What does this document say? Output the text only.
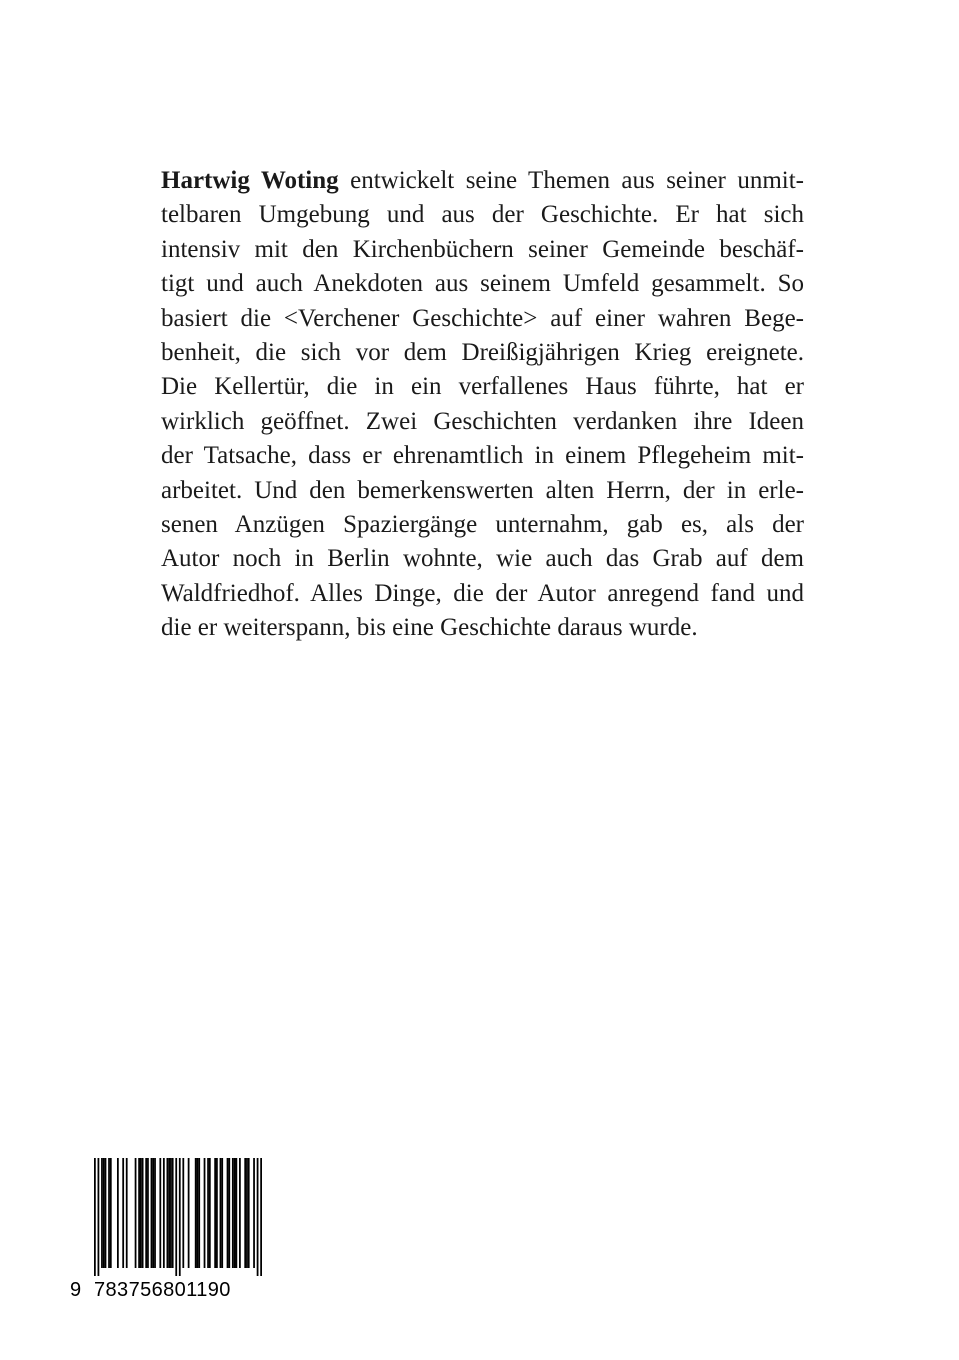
Hartwig Woting entwickelt seine Themen aus seiner unmit-
telbaren Umgebung und aus der Geschichte. Er hat sich
intensiv mit den Kirchenbüchern seiner Gemeinde beschäf-
tigt und auch Anekdoten aus seinem Umfeld gesammelt. So
basiert die <Verchener Geschichte> auf einer wahren Bege-
benheit, die sich vor dem Dreißigjährigen Krieg ereignete.
Die Kellertür, die in ein verfallenes Haus führte, hat er
wirklich geöffnet. Zwei Geschichten verdanken ihre Ideen
der Tatsache, dass er ehrenamtlich in einem Pflegeheim mit-
arbeitet. Und den bemerkenswerten alten Herrn, der in erle-
senen Anzügen Spaziergänge unternahm, gab es, als der
Autor noch in Berlin wohnte, wie auch das Grab auf dem
Waldfriedhof. Alles Dinge, die der Autor anregend fand und
die er weiterspann, bis eine Geschichte daraus wurde.
9 783756801190
